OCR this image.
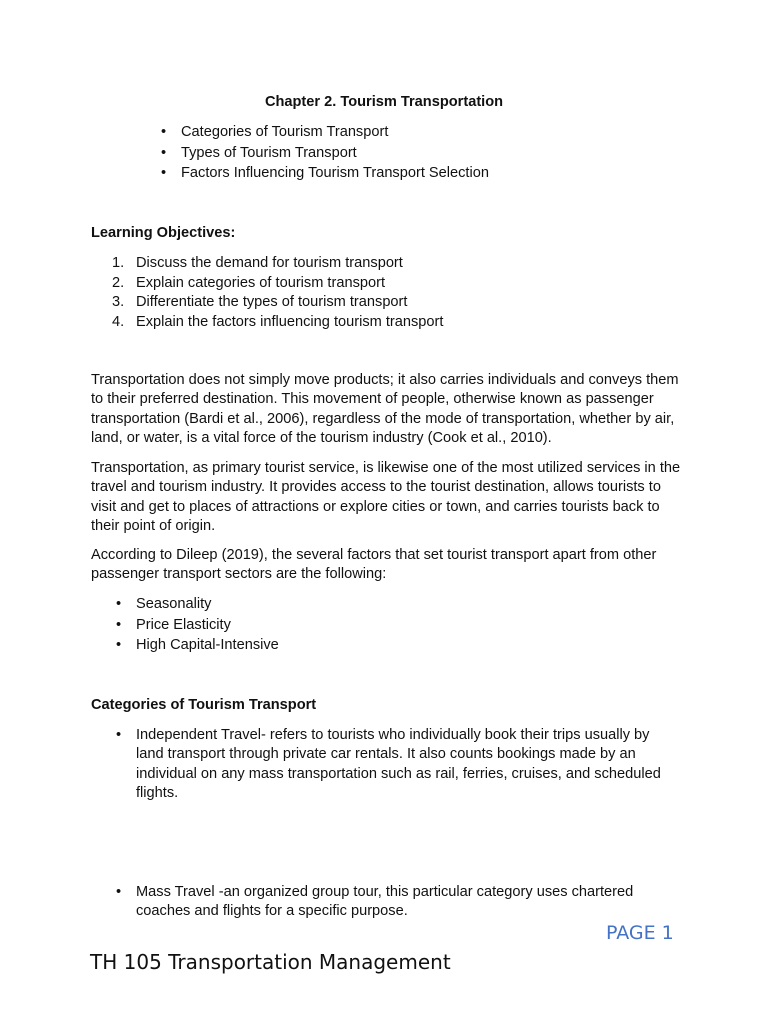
Chapter 2. Tourism Transportation
• Categories of Tourism Transport
• Types of Tourism Transport
• Factors Influencing Tourism Transport Selection
Learning Objectives:
1. Discuss the demand for tourism transport
2. Explain categories of tourism transport
3. Differentiate the types of tourism transport
4. Explain the factors influencing tourism transport

Transportation does not simply move products; it also carries individuals and conveys them to their preferred destination. This movement of people, otherwise known as passenger transportation (Bardi et al., 2006), regardless of the mode of transportation, whether by air, land, or water, is a vital force of the tourism industry (Cook et al., 2010).

Transportation, as primary tourist service, is likewise one of the most utilized services in the travel and tourism industry. It provides access to the tourist destination, allows tourists to visit and get to places of attractions or explore cities or town, and carries tourists back to their point of origin.

According to Dileep (2019), the several factors that set tourist transport apart from other passenger transport sectors are the following:

• Seasonality
• Price Elasticity
• High Capital-Intensive
Categories of Tourism Transport
• Independent Travel- refers to tourists who individually book their trips usually by land transport through private car rentals. It also counts bookings made by an individual on any mass transportation such as rail, ferries, cruises, and scheduled flights.
• Mass Travel -an organized group tour, this particular category uses chartered coaches and flights for a specific purpose.
PAGE 1
TH 105 Transportation Management
